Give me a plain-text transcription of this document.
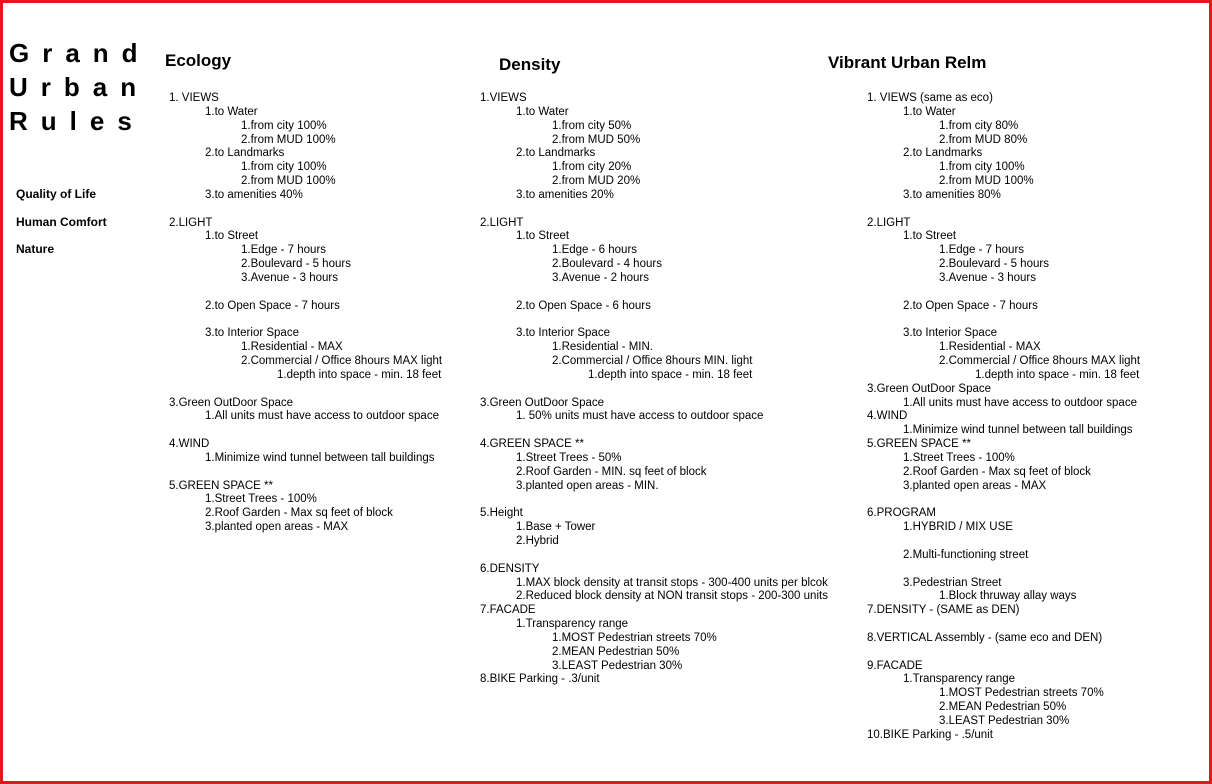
Grand
Urban
Rules
Quality of Life
Human Comfort
Nature
Ecology	Density	Vibrant Urban Relm
1. VIEWS
1.to Water
1.from city 100%
2.from MUD 100%
2.to Landmarks
1.from city 100%
2.from MUD 100%
3.to amenities 40%
2.LIGHT
1.to Street
1.Edge - 7 hours
2.Boulevard - 5 hours
3.Avenue - 3 hours
2.to Open Space - 7 hours
3.to Interior Space
1.Residential - MAX
2.Commercial / Office 8hours MAX light
1.depth into space - min. 18 feet
3.Green OutDoor Space
1.All units must have access to outdoor space
4.WIND
1.Minimize wind tunnel between tall buildings
5.GREEN SPACE **
1.Street Trees - 100%
2.Roof Garden - Max sq feet of block
3.planted open areas - MAX
1.VIEWS
1.to Water
1.from city 50%
2.from MUD 50%
2.to Landmarks
1.from city 20%
2.from MUD 20%
3.to amenities 20%
2.LIGHT
1.to Street
1.Edge - 6 hours
2.Boulevard - 4 hours
3.Avenue - 2 hours
2.to Open Space - 6 hours
3.to Interior Space
1.Residential - MIN.
2.Commercial / Office 8hours MIN. light
1.depth into space - min. 18 feet
3.Green OutDoor Space
1. 50% units must have access to outdoor space
4.GREEN SPACE **
1.Street Trees - 50%
2.Roof Garden - MIN. sq feet of block
3.planted open areas - MIN.
5.Height
1.Base + Tower
2.Hybrid
6.DENSITY
1.MAX block density at transit stops - 300-400 units per blcok
2.Reduced block density at NON transit stops - 200-300 units
7.FACADE
1.Transparency range
1.MOST Pedestrian streets 70%
2.MEAN Pedestrian 50%
3.LEAST Pedestrian 30%
8.BIKE Parking - .3/unit
1. VIEWS (same as eco)
1.to Water
1.from city 80%
2.from MUD 80%
2.to Landmarks
1.from city 100%
2.from MUD 100%
3.to amenities 80%
2.LIGHT
1.to Street
1.Edge - 7 hours
2.Boulevard - 5 hours
3.Avenue - 3 hours
2.to Open Space - 7 hours
3.to Interior Space
1.Residential - MAX
2.Commercial / Office 8hours MAX light
1.depth into space - min. 18 feet
3.Green OutDoor Space
1.All units must have access to outdoor space
4.WIND
1.Minimize wind tunnel between tall buildings
5.GREEN SPACE **
1.Street Trees - 100%
2.Roof Garden - Max sq feet of block
3.planted open areas - MAX
6.PROGRAM
1.HYBRID / MIX USE
2.Multi-functioning street
3.Pedestrian Street
1.Block thruway allay ways
7.DENSITY - (SAME as DEN)
8.VERTICAL Assembly - (same eco and DEN)
9.FACADE
1.Transparency range
1.MOST Pedestrian streets 70%
2.MEAN Pedestrian 50%
3.LEAST Pedestrian 30%
10.BIKE Parking - .5/unit
